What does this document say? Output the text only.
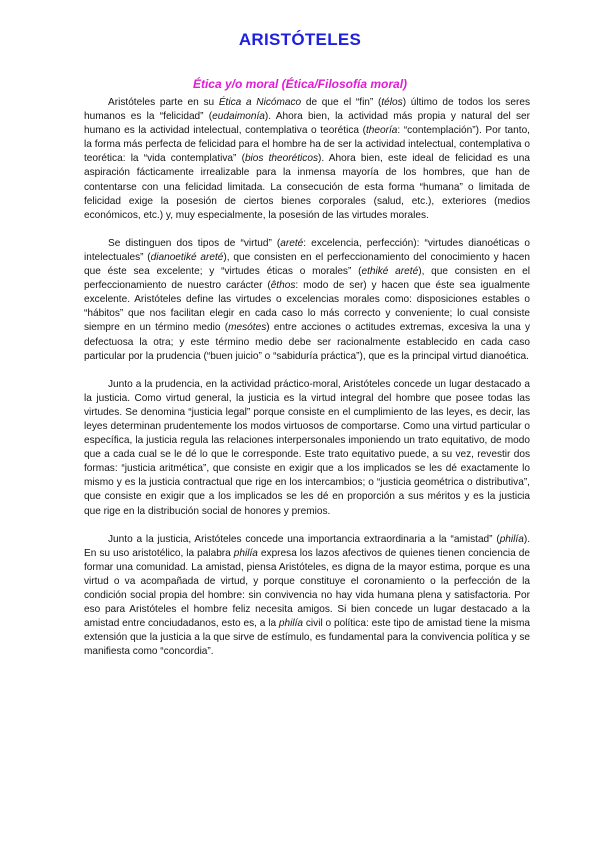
ARISTÓTELES
Ética y/o moral (Ética/Filosofía moral)

Aristóteles parte en su Ética a Nicómaco de que el “fin” (télos) último de todos los seres humanos es la “felicidad” (eudaimonía). Ahora bien, la actividad más propia y natural del ser humano es la actividad intelectual, contemplativa o teorética (theoría: “contemplación”). Por tanto, la forma más perfecta de felicidad para el hombre ha de ser la actividad intelectual, contemplativa o teorética: la “vida contemplativa” (bios theoréticos). Ahora bien, este ideal de felicidad es una aspiración fácticamente irrealizable para la inmensa mayoría de los hombres, que han de contentarse con una felicidad limitada. La consecución de esta forma “humana” o limitada de felicidad exige la posesión de ciertos bienes corporales (salud, etc.), exteriores (medios económicos, etc.) y, muy especialmente, la posesión de las virtudes morales.

Se distinguen dos tipos de “virtud” (areté: excelencia, perfección): “virtudes dianoéticas o intelectuales” (dianoetiké areté), que consisten en el perfeccionamiento del conocimiento y hacen que éste sea excelente; y “virtudes éticas o morales” (ethiké areté), que consisten en el perfeccionamiento de nuestro carácter (êthos: modo de ser) y hacen que éste sea igualmente excelente. Aristóteles define las virtudes o excelencias morales como: disposiciones estables o “hábitos” que nos facilitan elegir en cada caso lo más correcto y conveniente; lo cual consiste siempre en un término medio (mesótes) entre acciones o actitudes extremas, excesiva la una y defectuosa la otra; y este término medio debe ser racionalmente establecido en cada caso particular por la prudencia (“buen juicio” o “sabiduría práctica”), que es la principal virtud dianoética.

Junto a la prudencia, en la actividad práctico-moral, Aristóteles concede un lugar destacado a la justicia. Como virtud general, la justicia es la virtud integral del hombre que posee todas las virtudes. Se denomina “justicia legal” porque consiste en el cumplimiento de las leyes, es decir, las leyes determinan prudentemente los modos virtuosos de comportarse. Como una virtud particular o específica, la justicia regula las relaciones interpersonales imponiendo un trato equitativo, de modo que a cada cual se le dé lo que le corresponde. Este trato equitativo puede, a su vez, revestir dos formas: “justicia aritmética”, que consiste en exigir que a los implicados se les dé exactamente lo mismo y es la justicia contractual que rige en los intercambios; o “justicia geométrica o distributiva”, que consiste en exigir que a los implicados se les dé en proporción a sus méritos y es la justicia que rige en la distribución social de honores y premios.

Junto a la justicia, Aristóteles concede una importancia extraordinaria a la “amistad” (philía). En su uso aristotélico, la palabra philía expresa los lazos afectivos de quienes tienen conciencia de formar una comunidad. La amistad, piensa Aristóteles, es digna de la mayor estima, porque es una virtud o va acompañada de virtud, y porque constituye el coronamiento o la perfección de la condición social propia del hombre: sin convivencia no hay vida humana plena y satisfactoria. Por eso para Aristóteles el hombre feliz necesita amigos. Si bien concede un lugar destacado a la amistad entre conciudadanos, esto es, a la philía civil o política: este tipo de amistad tiene la misma extensión que la justicia a la que sirve de estímulo, es fundamental para la convivencia política y se manifiesta como “concordia”.
